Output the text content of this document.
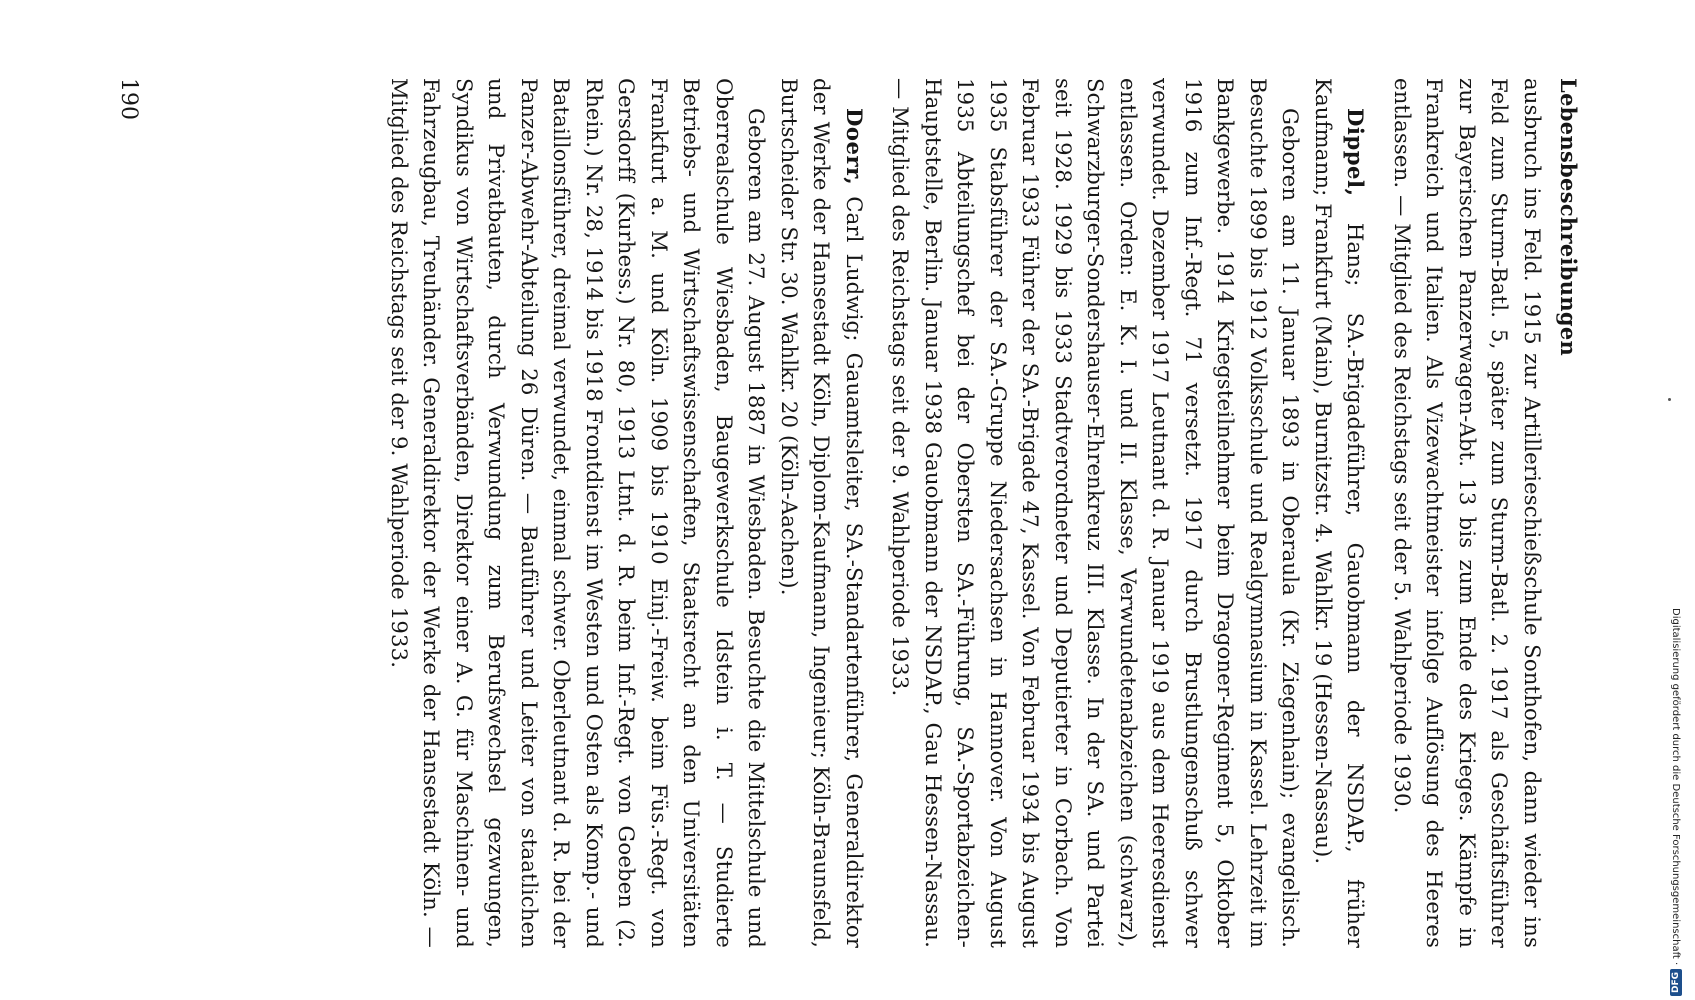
Lebensbeschreibungen

ausbruch ins Feld. 1915 zur Artillerieschießschule Sonthofen, dann wieder ins Feld zum Sturm-Batl. 5, später zum Sturm-Batl. 2. 1917 als Geschäftsführer zur Bayerischen Panzerwagen-Abt. 13 bis zum Ende des Krieges. Kämpfe in Frankreich und Italien. Als Vizewachtmeister infolge Auflösung des Heeres entlassen. — Mitglied des Reichstags seit der 5. Wahlperiode 1930.

Dippel, Hans; SA.-Brigadeführer, Gauobmann der NSDAP., früher Kaufmann; Frankfurt (Main), Burnitzstr. 4. Wahlkr. 19 (Hessen-Nassau).

Geboren am 11. Januar 1893 in Oberaula (Kr. Ziegenhain); evangelisch. Besuchte 1899 bis 1912 Volksschule und Realgymnasium in Kassel. Lehrzeit im Bankgewerbe. 1914 Kriegsteilnehmer beim Dragoner-Regiment 5, Oktober 1916 zum Inf.-Regt. 71 versetzt. 1917 durch Brustlungenschuß schwer verwundet. Dezember 1917 Leutnant d. R. Januar 1919 aus dem Heeresdienst entlassen. Orden: E. K. I. und II. Klasse, Verwundetenabzeichen (schwarz), Schwarzburger-Sondershauser-Ehrenkreuz III. Klasse. In der SA. und Partei seit 1928. 1929 bis 1933 Stadtverordneter und Deputierter in Corbach. Von Februar 1933 Führer der SA.-Brigade 47, Kassel. Von Februar 1934 bis August 1935 Stabsführer der SA.-Gruppe Niedersachsen in Hannover. Von August 1935 Abteilungschef bei der Obersten SA.-Führung, SA.-Sportabzeichen-Hauptstelle, Berlin. Januar 1938 Gauobmann der NSDAP., Gau Hessen-Nassau. — Mitglied des Reichstags seit der 9. Wahlperiode 1933.

Doerr, Carl Ludwig; Gauamtsleiter, SA.-Standartenführer, Generaldirektor der Werke der Hansestadt Köln, Diplom-Kaufmann, Ingenieur; Köln-Braunsfeld, Burtscheider Str. 30. Wahlkr. 20 (Köln-Aachen).

Geboren am 27. August 1887 in Wiesbaden. Besuchte die Mittelschule und Oberrealschule Wiesbaden, Baugewerkschule Idstein i. T. — Studierte Betriebs- und Wirtschaftswissenschaften, Staatsrecht an den Universitäten Frankfurt a. M. und Köln. 1909 bis 1910 Einj.-Freiw. beim Füs.-Regt. von Gersdorff (Kurhess.) Nr. 80, 1913 Ltnt. d. R. beim Inf.-Regt. von Goeben (2. Rhein.) Nr. 28, 1914 bis 1918 Frontdienst im Westen und Osten als Komp.- und Bataillonsführer, dreimal verwundet, einmal schwer. Oberleutnant d. R. bei der Panzer-Abwehr-Abteilung 26 Düren. — Bauführer und Leiter von staatlichen und Privatbauten, durch Verwundung zum Berufswechsel gezwungen, Syndikus von Wirtschaftsverbänden, Direktor einer A. G. für Maschinen- und Fahrzeugbau, Treuhänder. Generaldirektor der Werke der Hansestadt Köln. — Mitglied des Reichstags seit der 9. Wahlperiode 1933.

190
Digitalisierung gefördert durch die Deutsche Forschungsgemeinschaft ·
DFG
